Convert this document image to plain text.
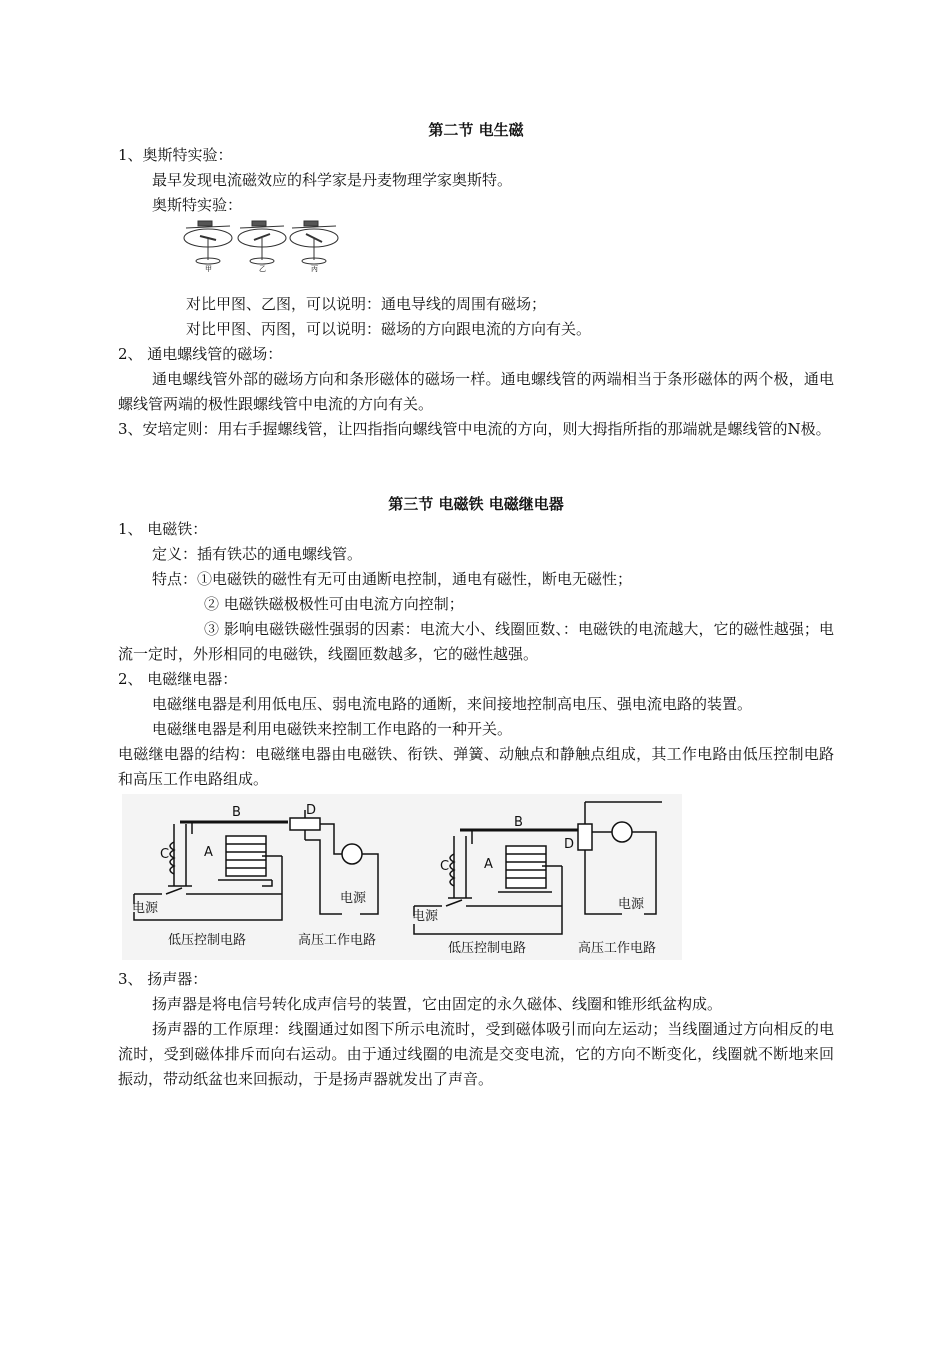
第二节 电生磁
1、奥斯特实验：
最早发现电流磁效应的科学家是丹麦物理学家奥斯特。
奥斯特实验：
甲	乙	丙
对比甲图、乙图，可以说明：通电导线的周围有磁场；
对比甲图、丙图，可以说明：磁场的方向跟电流的方向有关。
2、 通电螺线管的磁场：
通电螺线管外部的磁场方向和条形磁体的磁场一样。通电螺线管的两端相当于条形磁体的两个极，通电螺线管两端的极性跟螺线管中电流的方向有关。
3、安培定则：用右手握螺线管，让四指指向螺线管中电流的方向，则大拇指所指的那端就是螺线管的N极。
第三节 电磁铁 电磁继电器
1、 电磁铁：
定义：插有铁芯的通电螺线管。
特点：①电磁铁的磁性有无可由通断电控制，通电有磁性，断电无磁性；
② 电磁铁磁极极性可由电流方向控制；
③ 影响电磁铁磁性强弱的因素：电流大小、线圈匝数、：电磁铁的电流越大，它的磁性越强；电流一定时，外形相同的电磁铁，线圈匝数越多，它的磁性越强。
2、 电磁继电器：
电磁继电器是利用低电压、弱电流电路的通断，来间接地控制高电压、强电流电路的装置。
电磁继电器是利用电磁铁来控制工作电路的一种开关。
电磁继电器的结构：电磁继电器由电磁铁、衔铁、弹簧、动触点和静触点组成，其工作电路由低压控制电路和高压工作电路组成。
A
B
C
D
电源
电源
低压控制电路	高压工作电路
A
B
C
D
电源
电源
低压控制电路	高压工作电路
3、 扬声器：
扬声器是将电信号转化成声信号的装置，它由固定的永久磁体、线圈和锥形纸盆构成。
扬声器的工作原理：线圈通过如图下所示电流时，受到磁体吸引而向左运动；当线圈通过方向相反的电流时，受到磁体排斥而向右运动。由于通过线圈的电流是交变电流，它的方向不断变化，线圈就不断地来回振动，带动纸盆也来回振动，于是扬声器就发出了声音。
